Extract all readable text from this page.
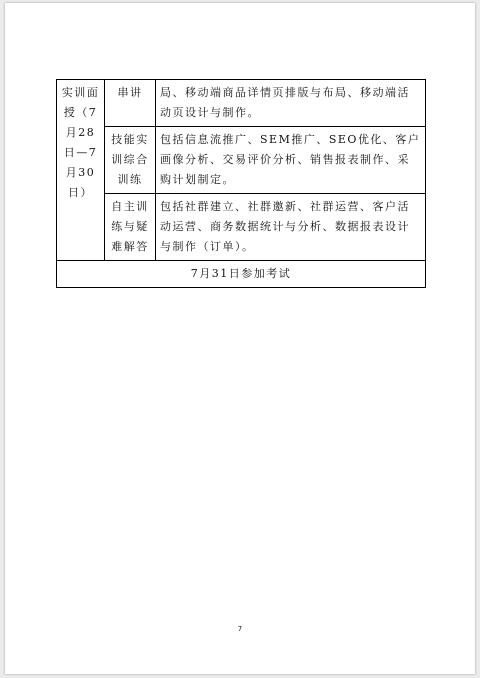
实训面授（7月28日—7月30日）	串讲	局、移动端商品详情页排版与布局、移动端活动页设计与制作。
	技能实训综合训练	包括信息流推广、SEM推广、SEO优化、客户画像分析、交易评价分析、销售报表制作、采购计划制定。
	自主训练与疑难解答	包括社群建立、社群邀新、社群运营、客户活动运营、商务数据统计与分析、数据报表设计与制作（订单）。
7月31日参加考试		
7
